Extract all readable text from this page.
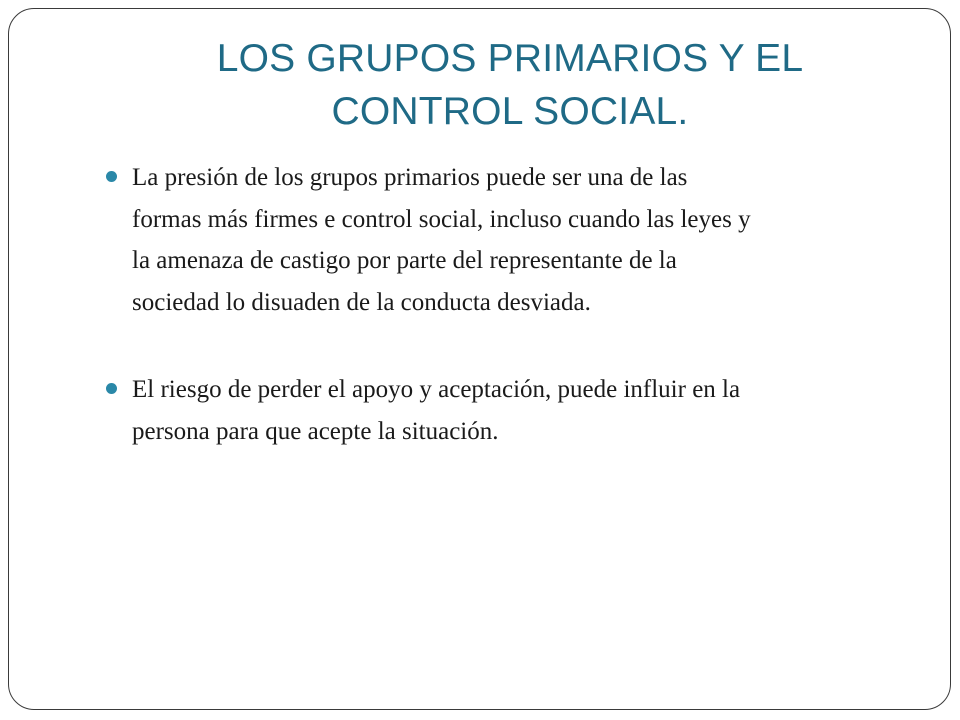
LOS GRUPOS PRIMARIOS Y EL
CONTROL SOCIAL.
La presión de los grupos primarios puede ser una de las
formas más firmes e control social, incluso cuando las leyes y
la amenaza de castigo por parte del representante de la
sociedad lo disuaden de la conducta desviada.
El riesgo de perder el apoyo y aceptación, puede influir en la
persona para que acepte la situación.
